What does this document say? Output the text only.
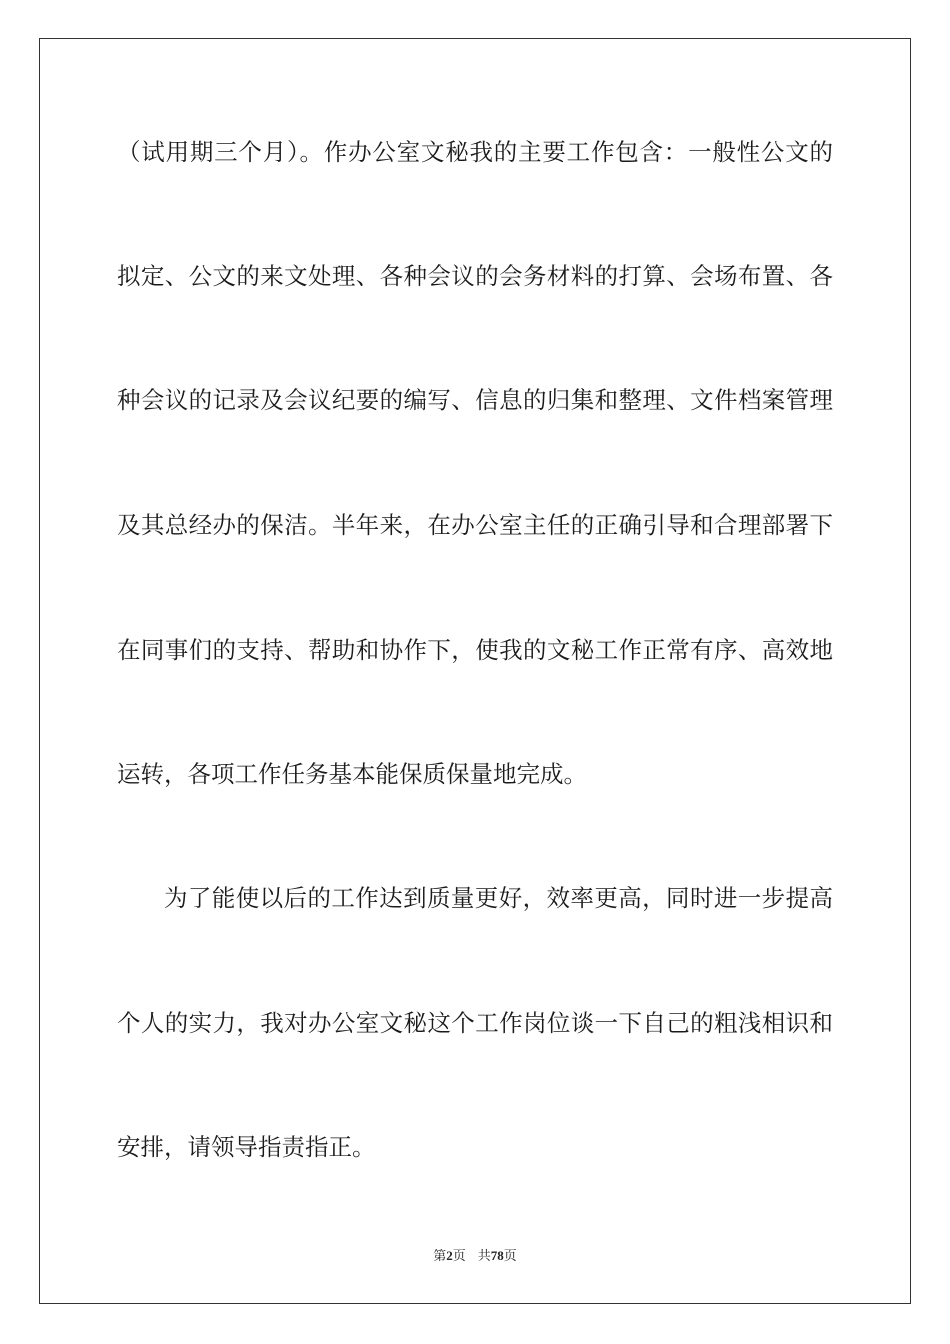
（试用期三个月）。作办公室文秘我的主要工作包含：一般性公文的
拟定、公文的来文处理、各种会议的会务材料的打算、会场布置、各
种会议的记录及会议纪要的编写、信息的归集和整理、文件档案管理
及其总经办的保洁。半年来，在办公室主任的正确引导和合理部署下
在同事们的支持、帮助和协作下，使我的文秘工作正常有序、高效地
运转，各项工作任务基本能保质保量地完成。
为了能使以后的工作达到质量更好，效率更高，同时进一步提高
个人的实力，我对办公室文秘这个工作岗位谈一下自己的粗浅相识和
安排，请领导指责指正。
第2页 共78页
